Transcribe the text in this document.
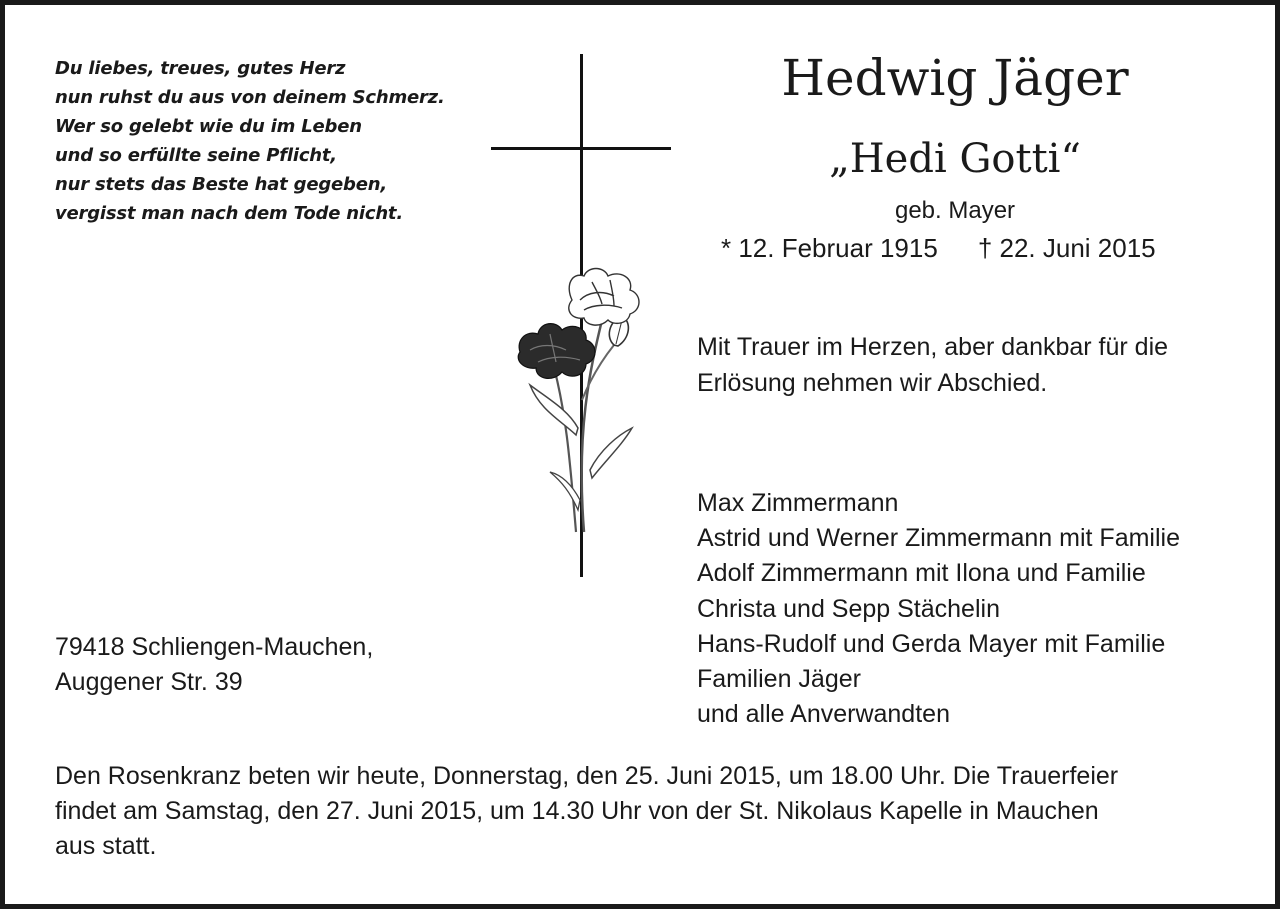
Du liebes, treues, gutes Herz
nun ruhst du aus von deinem Schmerz.
Wer so gelebt wie du im Leben
und so erfüllte seine Pflicht,
nur stets das Beste hat gegeben,
vergisst man nach dem Tode nicht.
Hedwig Jäger
„Hedi Gotti“
geb. Mayer
* 12. Februar 1915 † 22. Juni 2015
Mit Trauer im Herzen, aber dankbar für die
Erlösung nehmen wir Abschied.
Max Zimmermann
Astrid und Werner Zimmermann mit Familie
Adolf Zimmermann mit Ilona und Familie
Christa und Sepp Stächelin
Hans-Rudolf und Gerda Mayer mit Familie
Familien Jäger
und alle Anverwandten
79418 Schliengen-Mauchen,
Auggener Str. 39
Den Rosenkranz beten wir heute, Donnerstag, den 25. Juni 2015, um 18.00 Uhr. Die Trauerfeier
findet am Samstag, den 27. Juni 2015, um 14.30 Uhr von der St. Nikolaus Kapelle in Mauchen
aus statt.
